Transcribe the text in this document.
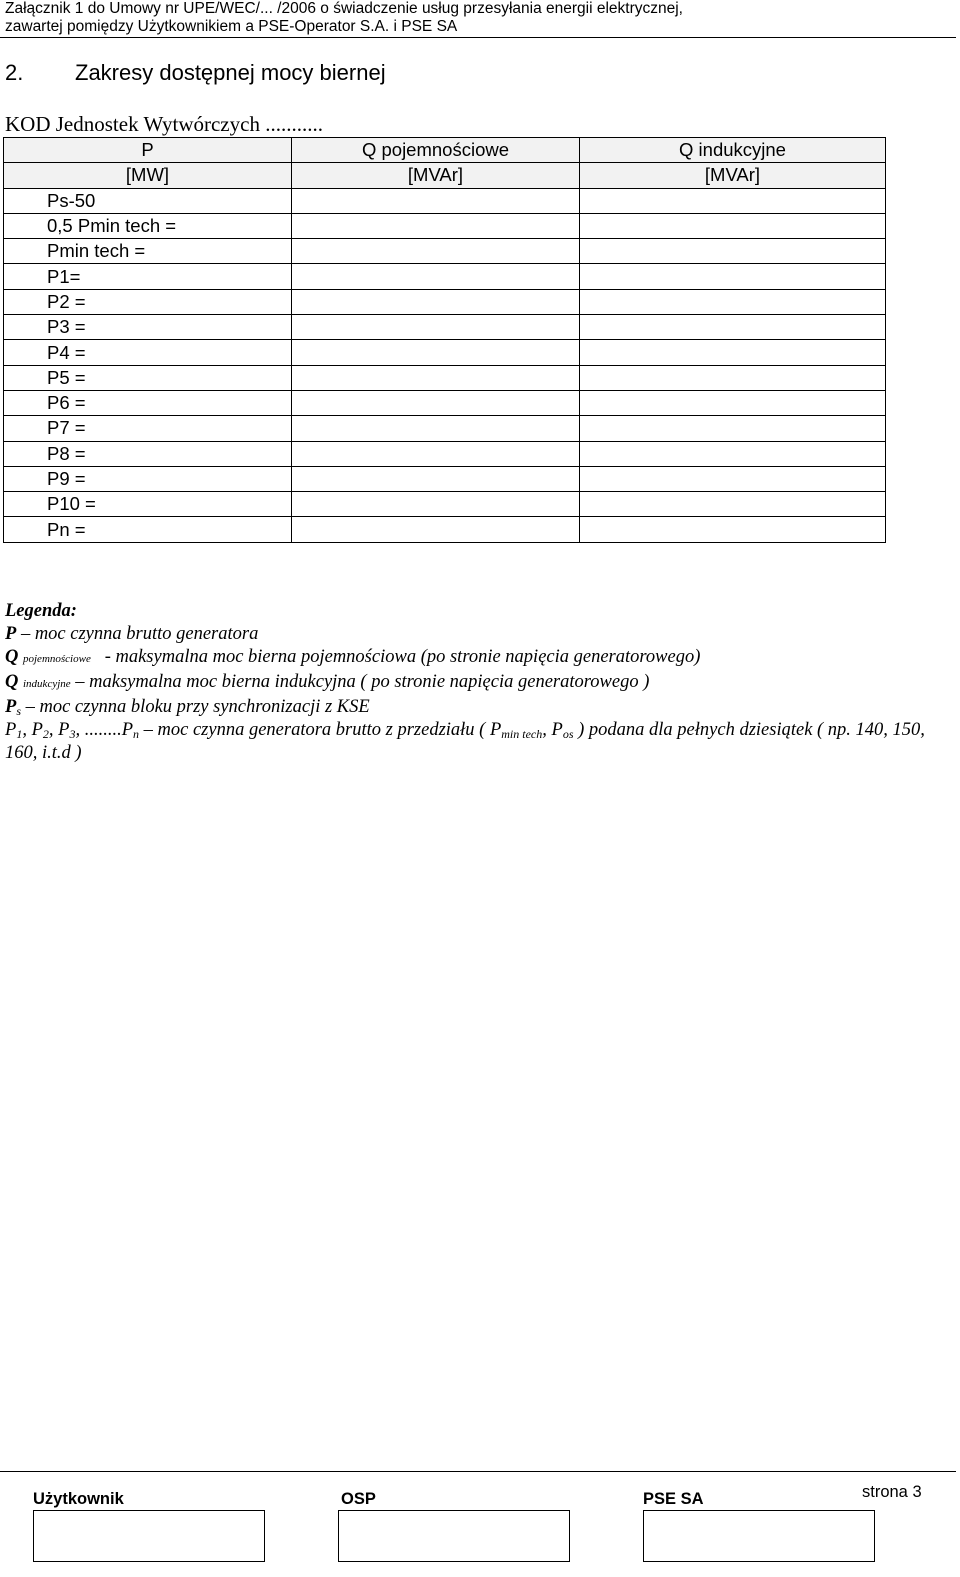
Załącznik 1 do Umowy nr UPE/WEC/... /2006 o świadczenie usług przesyłania energii elektrycznej,
zawartej pomiędzy Użytkownikiem a PSE-Operator S.A. i PSE SA
2. Zakresy dostępnej mocy biernej
KOD Jednostek Wytwórczych ...........
P	Q pojemnościowe	Q indukcyjne
[MW]	[MVAr]	[MVAr]
Ps-50		
0,5 Pmin tech =		
Pmin tech =		
P1=		
P2 =		
P3 =		
P4 =		
P5 =		
P6 =		
P7 =		
P8 =		
P9 =		
P10 =		
Pn =		
Legenda:
P – moc czynna brutto generatora
Q pojemnościowe - maksymalna moc bierna pojemnościowa (po stronie napięcia generatorowego)
Q indukcyjne – maksymalna moc bierna indukcyjna ( po stronie napięcia generatorowego )
$P_s$ – moc czynna bloku przy synchronizacji z KSE
$P_1$, $P_2$, $P_3$, $........P_n$ – moc czynna generatora brutto z przedziału ( $P_{min tech}$, $P_{os}$ ) podana dla pełnych dziesiątek ( np. 140, 150, 160, i.t.d )
Użytkownik	OSP	PSE SA	strona 3
